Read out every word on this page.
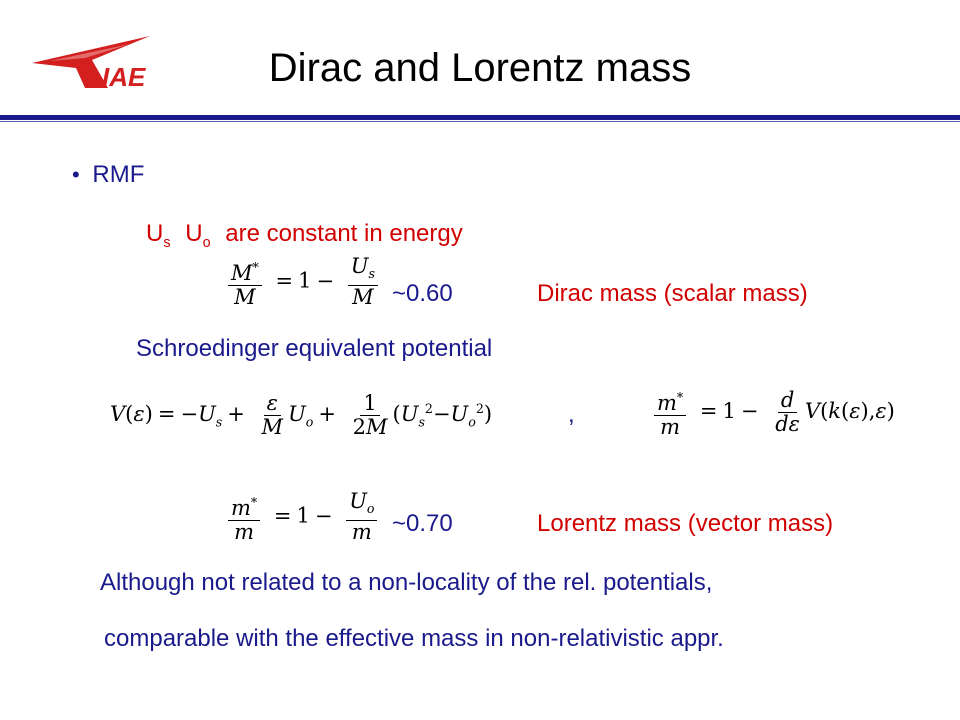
IAE	Dirac and Lorentz mass
• RMF
$U_s$ $U_o$ are constant in energy
$\frac{M^*}{M} = 1 - \frac{U_s}{M}$ ~0.60	Dirac mass (scalar mass)
Schroedinger equivalent potential
$V(\varepsilon) = -U_s + \frac{\varepsilon}{M} U_o + \frac{1}{2M} (U_s^2-U_o^2)$	,	$\frac{m^*}{m} = 1 - \frac{d}{d\varepsilon} V(k(\varepsilon),\varepsilon)$
$\frac{m^*}{m} = 1 - \frac{U_o}{m}$ ~0.70	Lorentz mass (vector mass)
Although not related to a non-locality of the rel. potentials,
comparable with the effective mass in non-relativistic appr.
